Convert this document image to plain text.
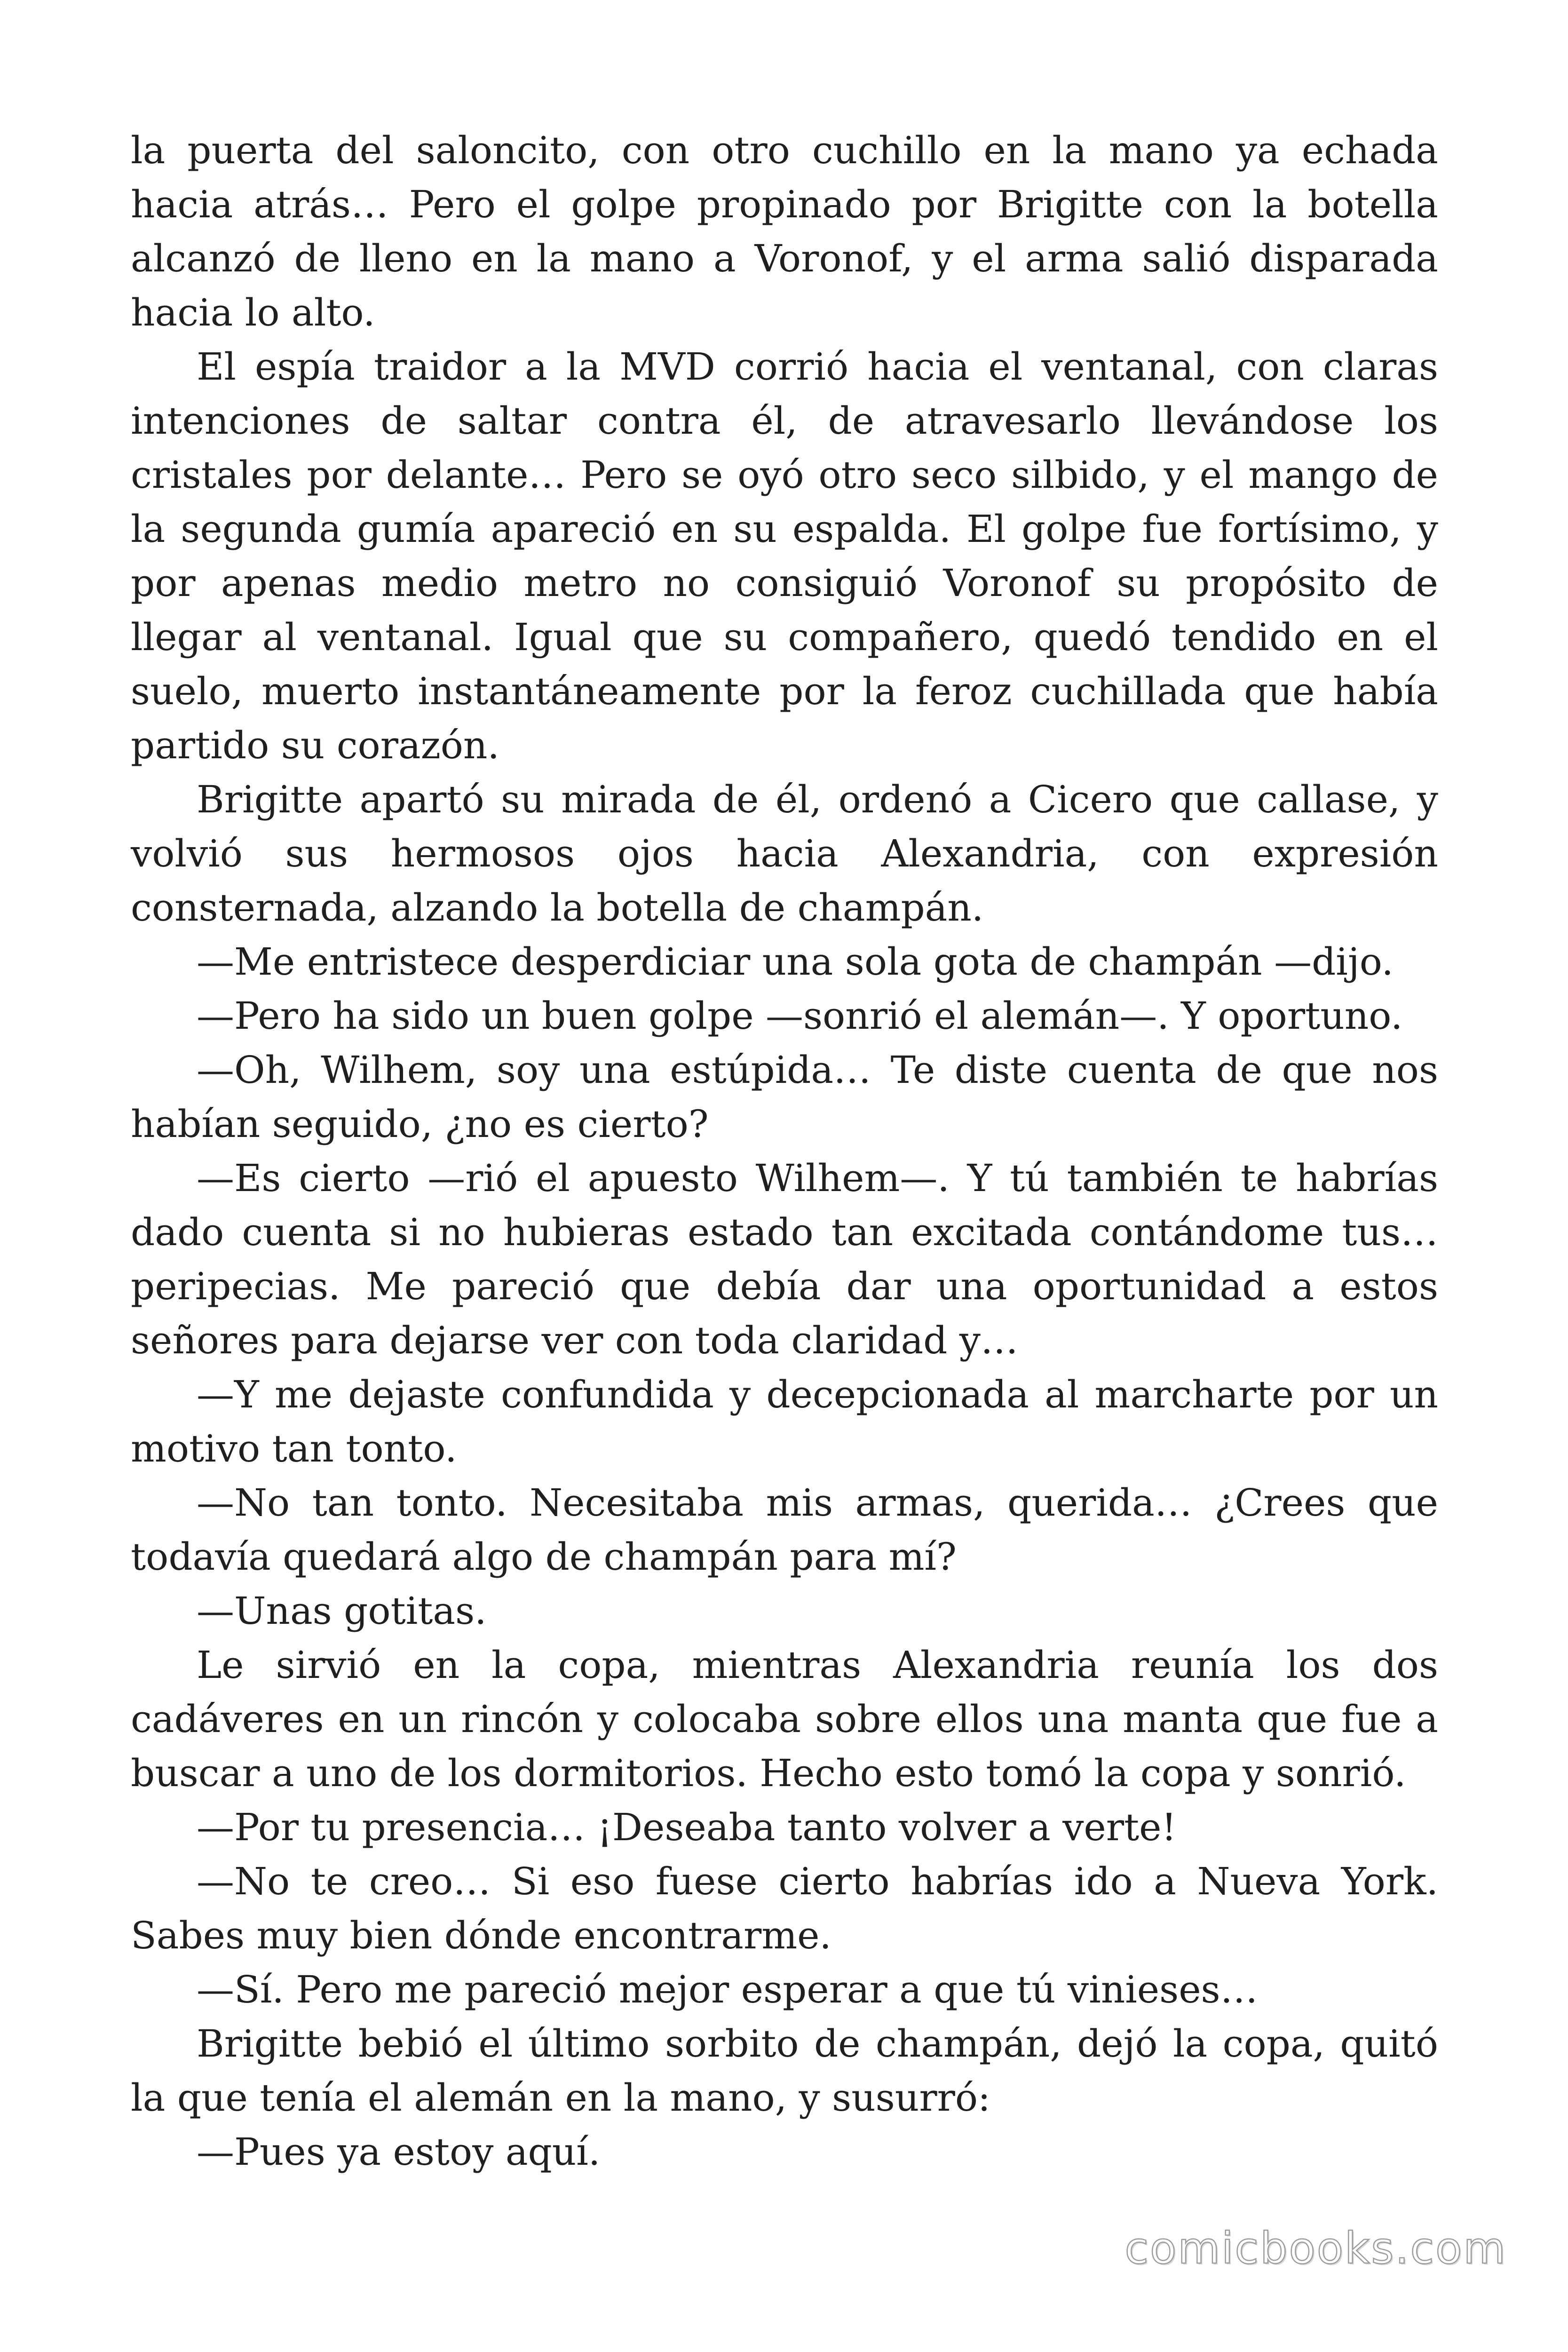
la puerta del saloncito, con otro cuchillo en la mano ya echada hacia atrás… Pero el golpe propinado por Brigitte con la botella alcanzó de lleno en la mano a Voronof, y el arma salió disparada hacia lo alto.

El espía traidor a la MVD corrió hacia el ventanal, con claras intenciones de saltar contra él, de atravesarlo llevándose los cristales por delante… Pero se oyó otro seco silbido, y el mango de la segunda gumía apareció en su espalda. El golpe fue fortísimo, y por apenas medio metro no consiguió Voronof su propósito de llegar al ventanal. Igual que su compañero, quedó tendido en el suelo, muerto instantáneamente por la feroz cuchillada que había partido su corazón.

Brigitte apartó su mirada de él, ordenó a Cicero que callase, y volvió sus hermosos ojos hacia Alexandria, con expresión consternada, alzando la botella de champán.

—Me entristece desperdiciar una sola gota de champán —dijo.

—Pero ha sido un buen golpe —sonrió el alemán—. Y oportuno.

—Oh, Wilhem, soy una estúpida… Te diste cuenta de que nos habían seguido, ¿no es cierto?

—Es cierto —rió el apuesto Wilhem—. Y tú también te habrías dado cuenta si no hubieras estado tan excitada contándome tus… peripecias. Me pareció que debía dar una oportunidad a estos señores para dejarse ver con toda claridad y…

—Y me dejaste confundida y decepcionada al marcharte por un motivo tan tonto.

—No tan tonto. Necesitaba mis armas, querida… ¿Crees que todavía quedará algo de champán para mí?

—Unas gotitas.

Le sirvió en la copa, mientras Alexandria reunía los dos cadáveres en un rincón y colocaba sobre ellos una manta que fue a buscar a uno de los dormitorios. Hecho esto tomó la copa y sonrió.

—Por tu presencia… ¡Deseaba tanto volver a verte!

—No te creo… Si eso fuese cierto habrías ido a Nueva York. Sabes muy bien dónde encontrarme.

—Sí. Pero me pareció mejor esperar a que tú vinieses…

Brigitte bebió el último sorbito de champán, dejó la copa, quitó la que tenía el alemán en la mano, y susurró:

—Pues ya estoy aquí.

comicbooks.com
